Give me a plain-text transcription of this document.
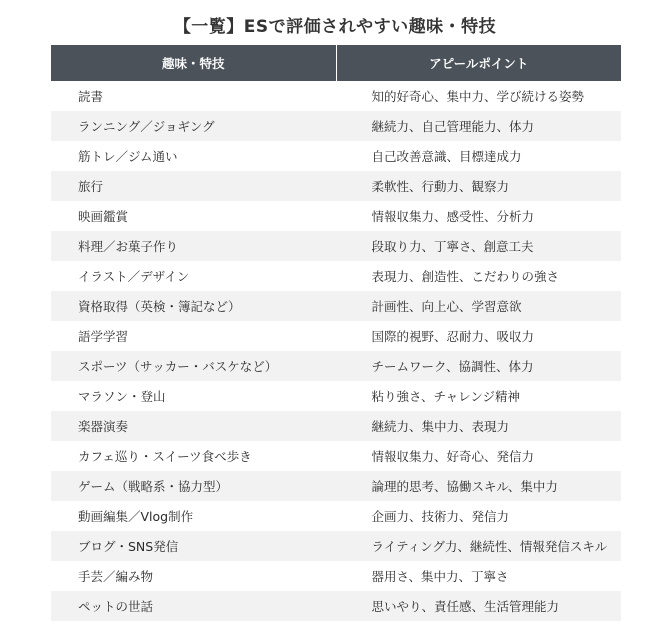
【一覧】ESで評価されやすい趣味・特技
趣味・特技	アピールポイント
読書	知的好奇心、集中力、学び続ける姿勢
ランニング／ジョギング	継続力、自己管理能力、体力
筋トレ／ジム通い	自己改善意識、目標達成力
旅行	柔軟性、行動力、観察力
映画鑑賞	情報収集力、感受性、分析力
料理／お菓子作り	段取り力、丁寧さ、創意工夫
イラスト／デザイン	表現力、創造性、こだわりの強さ
資格取得（英検・簿記など）	計画性、向上心、学習意欲
語学学習	国際的視野、忍耐力、吸収力
スポーツ（サッカー・バスケなど）	チームワーク、協調性、体力
マラソン・登山	粘り強さ、チャレンジ精神
楽器演奏	継続力、集中力、表現力
カフェ巡り・スイーツ食べ歩き	情報収集力、好奇心、発信力
ゲーム（戦略系・協力型）	論理的思考、協働スキル、集中力
動画編集／Vlog制作	企画力、技術力、発信力
ブログ・SNS発信	ライティング力、継続性、情報発信スキル
手芸／編み物	器用さ、集中力、丁寧さ
ペットの世話	思いやり、責任感、生活管理能力
